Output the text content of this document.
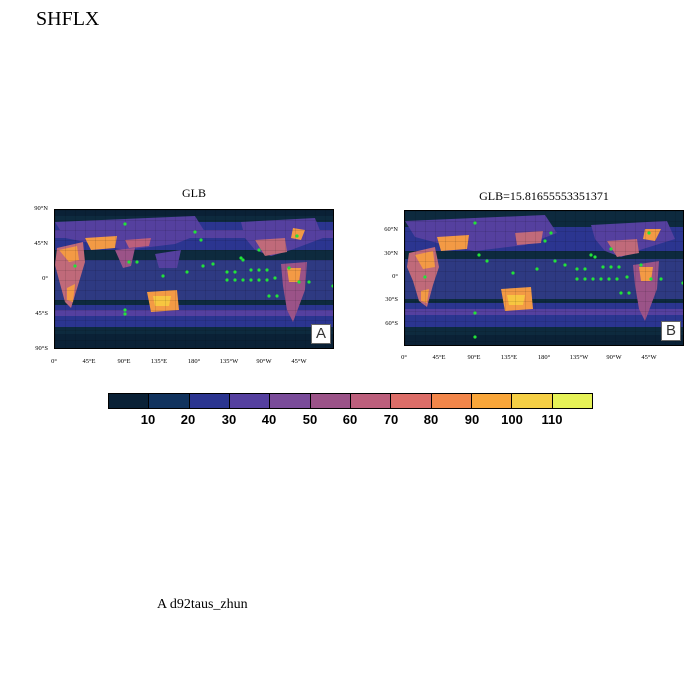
SHFLX
GLB
A
90°N
45°N
0°
45°S
90°S
0°	45°E	90°E	135°E	180°	135°W	90°W	45°W
GLB=15.81655553351371
B
60°N
30°N
0°
30°S
60°S
0°	45°E	90°E	135°E	180°	135°W	90°W	45°W
10	20	30	40	50	60	70	80	90	100	110
A d92taus_zhun
